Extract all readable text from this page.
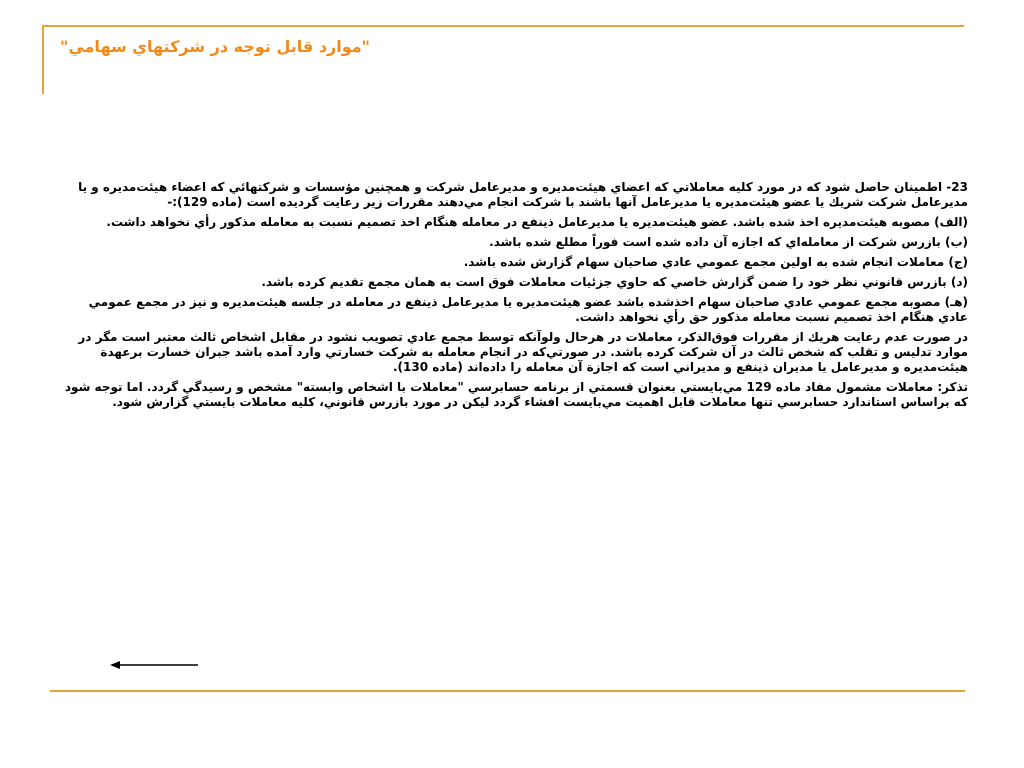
"موارد قابل توجه در شركتهاي سهامي"

23- اطمينان حاصل شود كه در مورد كليه معاملاتي كه اعضاي هيئت‌مديره و مديرعامل شركت و همچنين مؤسسات و شركتهائي كه اعضاء هيئت‌مديره و يا مديرعامل شركت شريك يا عضو هيئت‌مديره يا مديرعامل آنها باشند با شركت انجام مي‌دهند مقررات زير رعايت گرديده است (ماده 129):-

(الف) مصوبه هيئت‌مديره اخذ شده باشد. عضو هيئت‌مديره يا مديرعامل ذينفع در معامله هنگام اخذ تصميم نسبت به معامله مذكور رأي نخواهد داشت.

(ب) بازرس شركت از معامله‌اي كه اجازه آن داده شده است فوراً مطلع شده باشد.

(ج) معاملات انجام شده به اولين مجمع عمومي عادي صاحبان سهام گزارش شده باشد.

(د) بازرس قانوني نظر خود را ضمن گزارش خاصي كه حاوي جزئيات معاملات فوق است به همان مجمع تقديم كرده باشد.

(هـ) مصوبه مجمع عمومي عادي صاحبان سهام اخذشده باشد عضو هيئت‌مديره يا مديرعامل ذينفع در معامله در جلسه هيئت‌مديره و نيز در مجمع عمومي عادي هنگام اخذ تصميم نسبت معامله مذكور حق رأي نخواهد داشت.

در صورت عدم رعايت هريك از مقررات فوق‌الذكر، معاملات در هرحال ولوآنكه توسط مجمع عادي تصويب نشود در مقابل اشخاص ثالث معتبر است مگر در موارد تدليس و تقلب كه شخص ثالث در آن شركت كرده باشد. در صورتي‌كه در انجام معامله به شركت خسارتي وارد آمده باشد جبران خسارت برعهدة هيئت‌مديره و مديرعامل يا مديران ذينفع و مديراني است كه اجازة آن معامله را داده‌اند (ماده 130).

تذكر: معاملات مشمول مفاد ماده 129 مي‌بايستي بعنوان قسمتي از برنامه حسابرسي "معاملات با اشخاص وابسته" مشخص و رسيدگي گردد. اما توجه شود كه براساس استاندارد حسابرسي تنها معاملات قابل اهميت مي‌بايست افشاء گردد ليكن در مورد بازرس قانوني، كليه معاملات بايستي گزارش شود.
